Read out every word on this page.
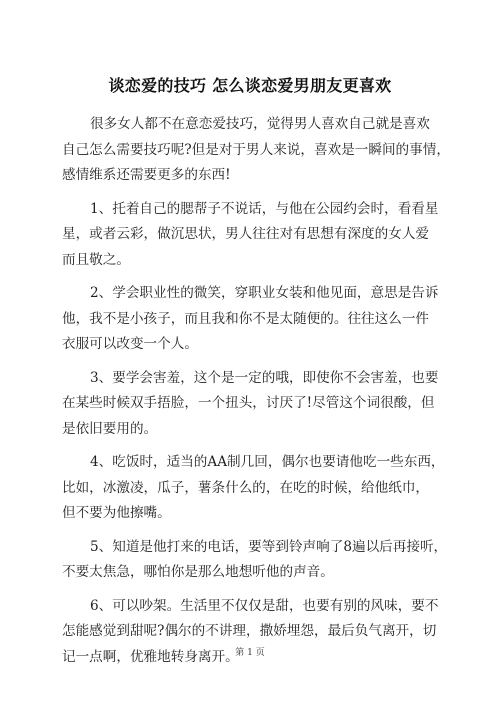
谈恋爱的技巧 怎么谈恋爱男朋友更喜欢
很多女人都不在意恋爱技巧，觉得男人喜欢自己就是喜欢
自己怎么需要技巧呢?但是对于男人来说，喜欢是一瞬间的事情，
感情维系还需要更多的东西!
1、托着自己的腮帮子不说话，与他在公园约会时，看看星
星，或者云彩，做沉思状，男人往往对有思想有深度的女人爱
而且敬之。
2、学会职业性的微笑，穿职业女装和他见面，意思是告诉
他，我不是小孩子，而且我和你不是太随便的。往往这么一件
衣服可以改变一个人。
3、要学会害羞，这个是一定的哦，即使你不会害羞，也要
在某些时候双手捂脸，一个扭头，讨厌了!尽管这个词很酸，但
是依旧要用的。
4、吃饭时，适当的AA制几回，偶尔也要请他吃一些东西，
比如，冰激凌，瓜子，薯条什么的，在吃的时候，给他纸巾，
但不要为他擦嘴。
5、知道是他打来的电话，要等到铃声响了8遍以后再接听，
不要太焦急，哪怕你是那么地想听他的声音。
6、可以吵架。生活里不仅仅是甜，也要有别的风味，要不
怎能感觉到甜呢?偶尔的不讲理，撒娇埋怨，最后负气离开，切
记一点啊，优雅地转身离开。
第 1 页
